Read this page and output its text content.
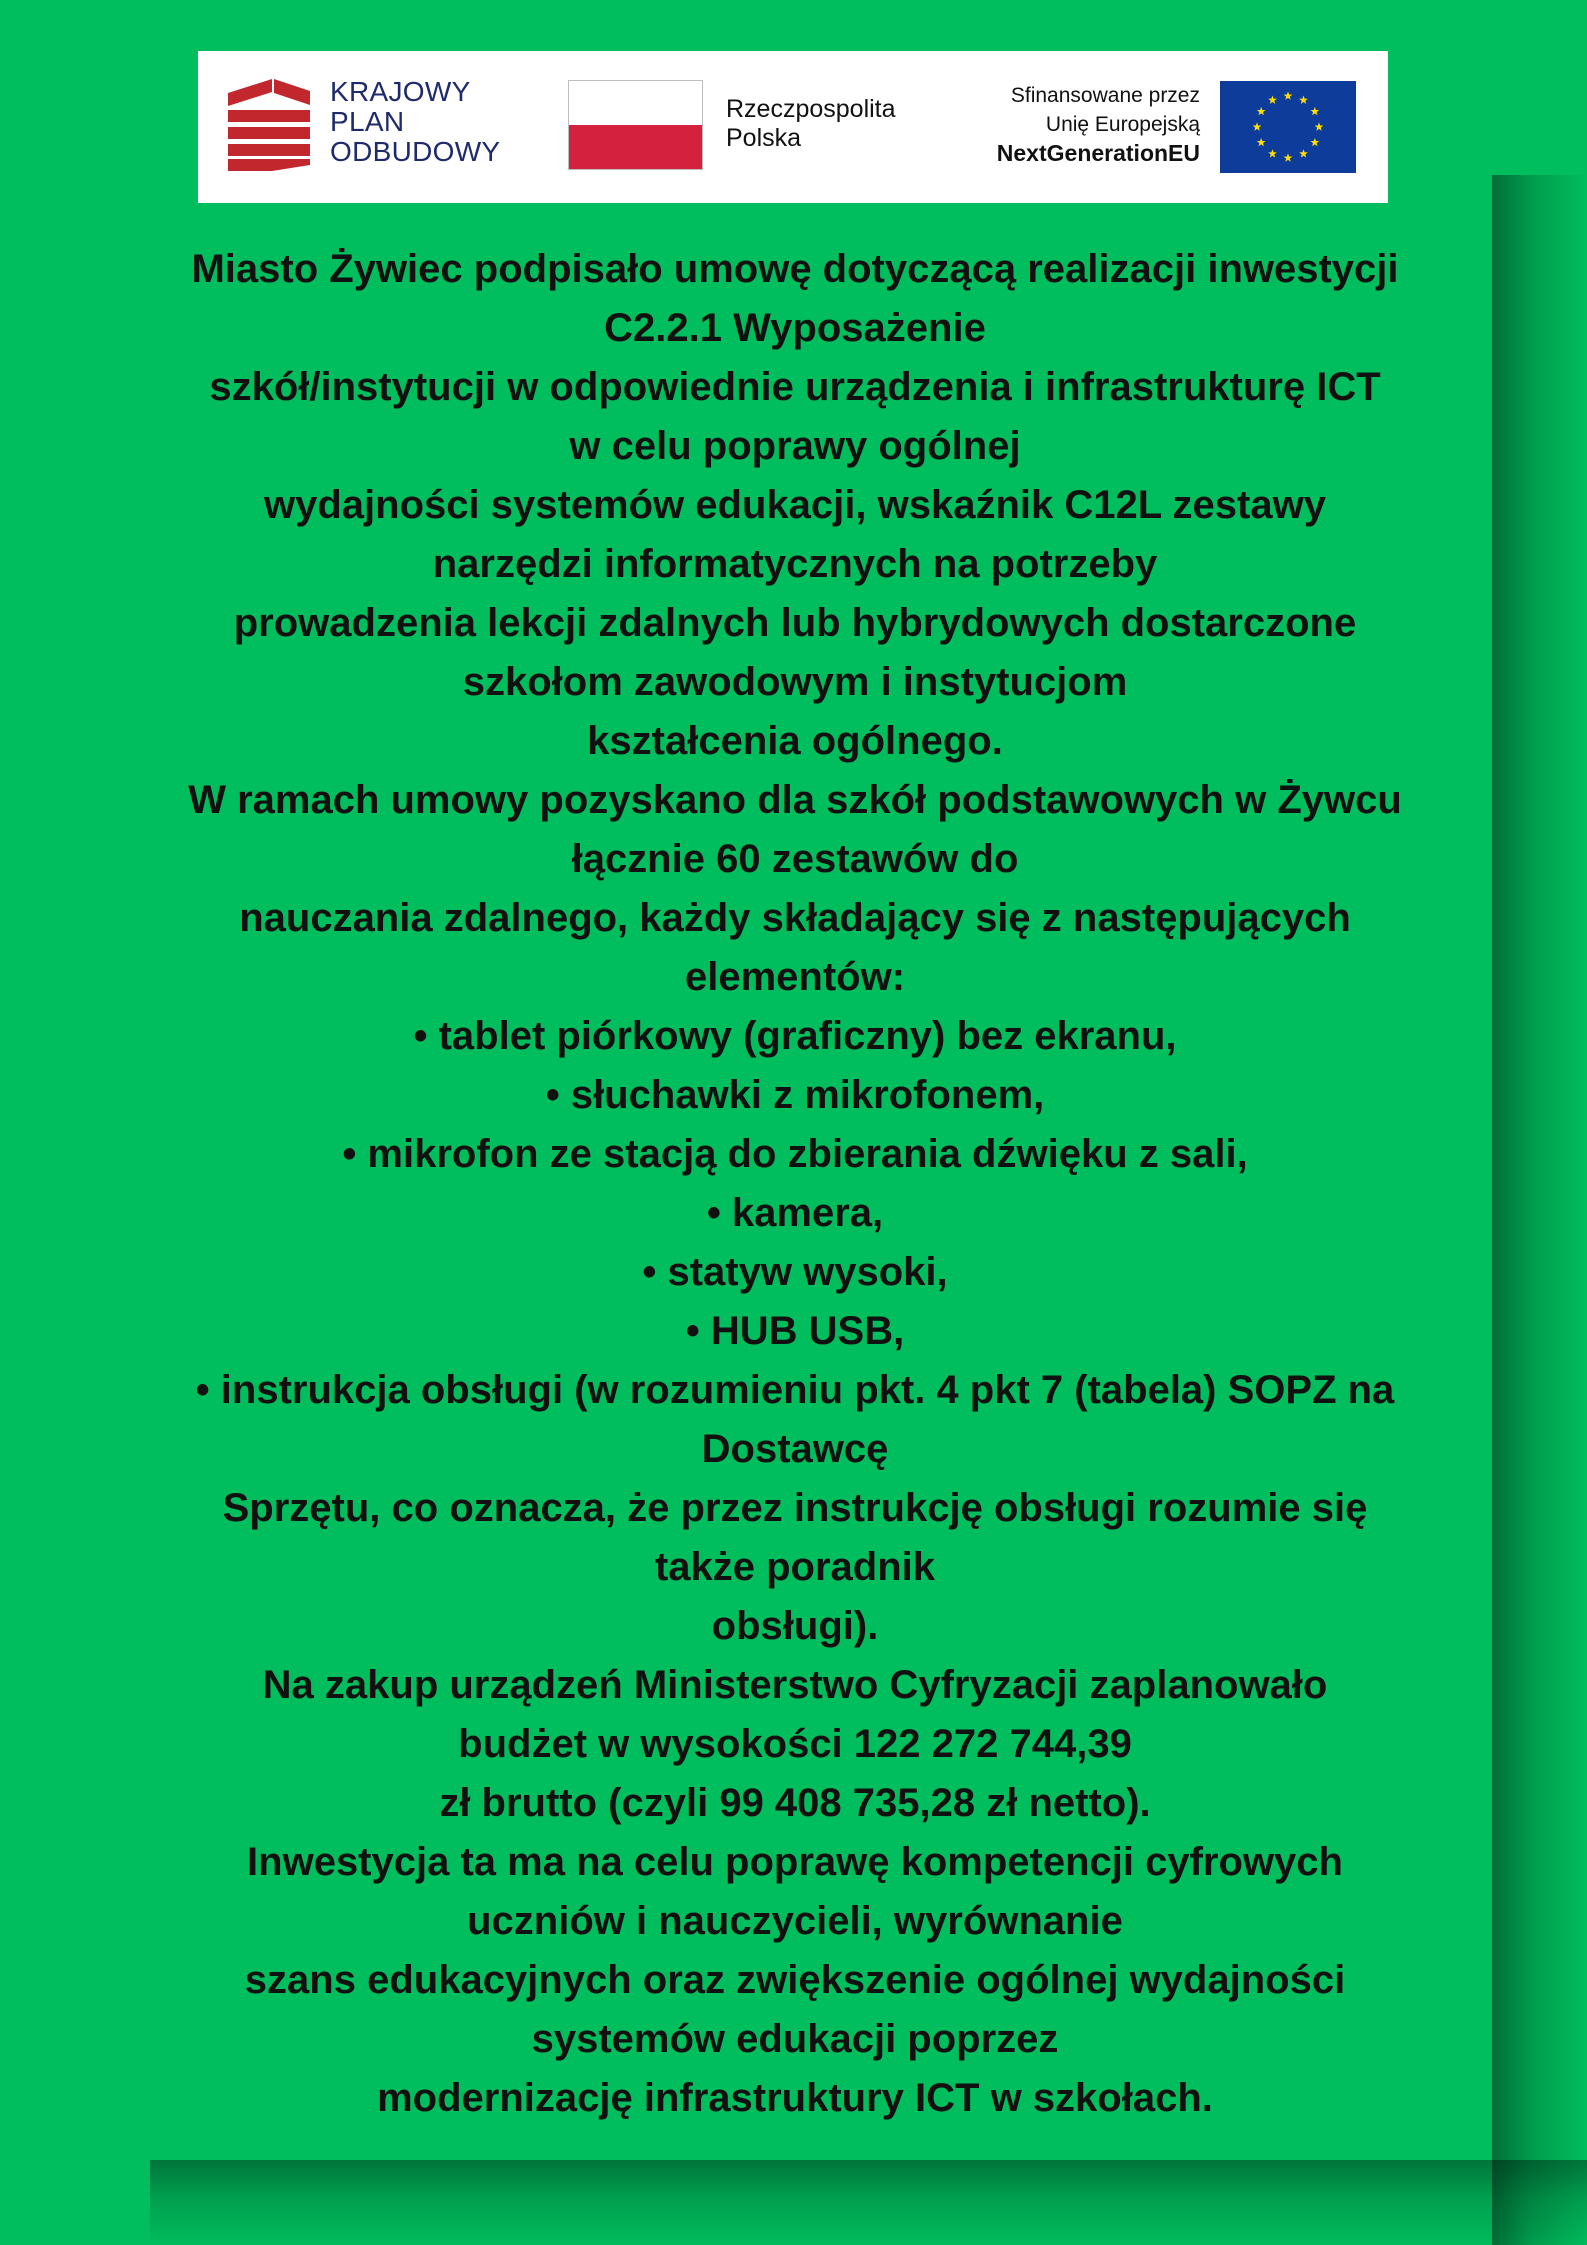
KRAJOWY
PLAN
ODBUDOWY
Rzeczpospolita
Polska
Sfinansowane przez
Unię Europejską
NextGenerationEU
Miasto Żywiec podpisało umowę dotyczącą realizacji inwestycji
C2.2.1 Wyposażenie
szkół/instytucji w odpowiednie urządzenia i infrastrukturę ICT
w celu poprawy ogólnej
wydajności systemów edukacji, wskaźnik C12L zestawy
narzędzi informatycznych na potrzeby
prowadzenia lekcji zdalnych lub hybrydowych dostarczone
szkołom zawodowym i instytucjom
kształcenia ogólnego.
W ramach umowy pozyskano dla szkół podstawowych w Żywcu
łącznie 60 zestawów do
nauczania zdalnego, każdy składający się z następujących
elementów:
• tablet piórkowy (graficzny) bez ekranu,
• słuchawki z mikrofonem,
• mikrofon ze stacją do zbierania dźwięku z sali,
• kamera,
• statyw wysoki,
• HUB USB,
• instrukcja obsługi (w rozumieniu pkt. 4 pkt 7 (tabela) SOPZ na
Dostawcę
Sprzętu, co oznacza, że przez instrukcję obsługi rozumie się
także poradnik
obsługi).
Na zakup urządzeń Ministerstwo Cyfryzacji zaplanowało
budżet w wysokości 122 272 744,39
zł brutto (czyli 99 408 735,28 zł netto).
Inwestycja ta ma na celu poprawę kompetencji cyfrowych
uczniów i nauczycieli, wyrównanie
szans edukacyjnych oraz zwiększenie ogólnej wydajności
systemów edukacji poprzez
modernizację infrastruktury ICT w szkołach.
